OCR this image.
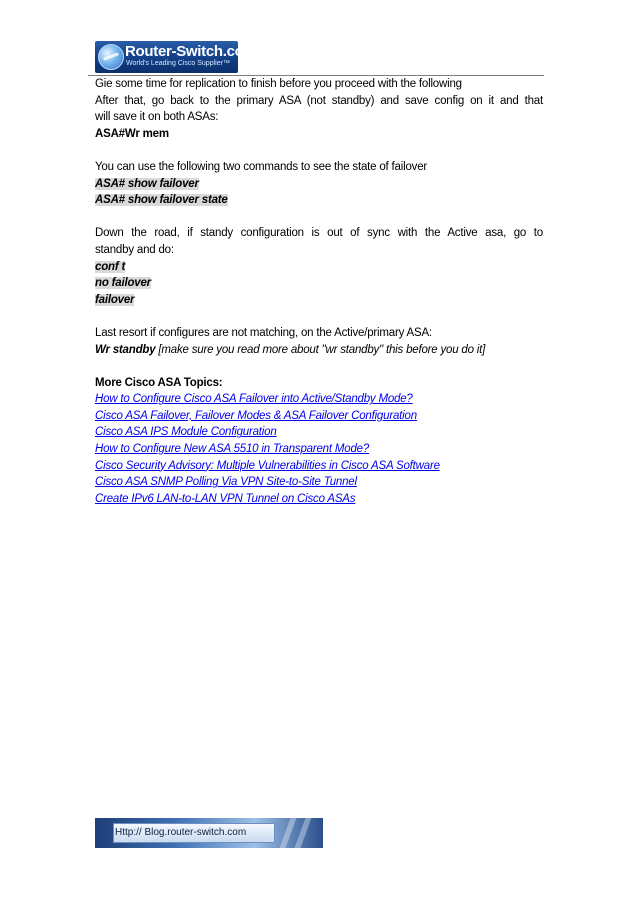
Router-Switch.com
World's Leading Cisco Supplier™
Gie some time for replication to finish before you proceed with the following
After that, go back to the primary ASA (not standby) and save config on it and that
will save it on both ASAs:
ASA#Wr mem
You can use the following two commands to see the state of failover
ASA# show failover
ASA# show failover state
Down the road, if standy configuration is out of sync with the Active asa, go to
standby and do:
conf t
no failover
failover
Last resort if configures are not matching, on the Active/primary ASA:
Wr standby [make sure you read more about "wr standby" this before you do it]
More Cisco ASA Topics:
How to Configure Cisco ASA Failover into Active/Standby Mode?
Cisco ASA Failover, Failover Modes & ASA Failover Configuration
Cisco ASA IPS Module Configuration
How to Configure New ASA 5510 in Transparent Mode?
Cisco Security Advisory: Multiple Vulnerabilities in Cisco ASA Software
Cisco ASA SNMP Polling Via VPN Site-to-Site Tunnel
Create IPv6 LAN-to-LAN VPN Tunnel on Cisco ASAs
Http:// Blog.router-switch.com
